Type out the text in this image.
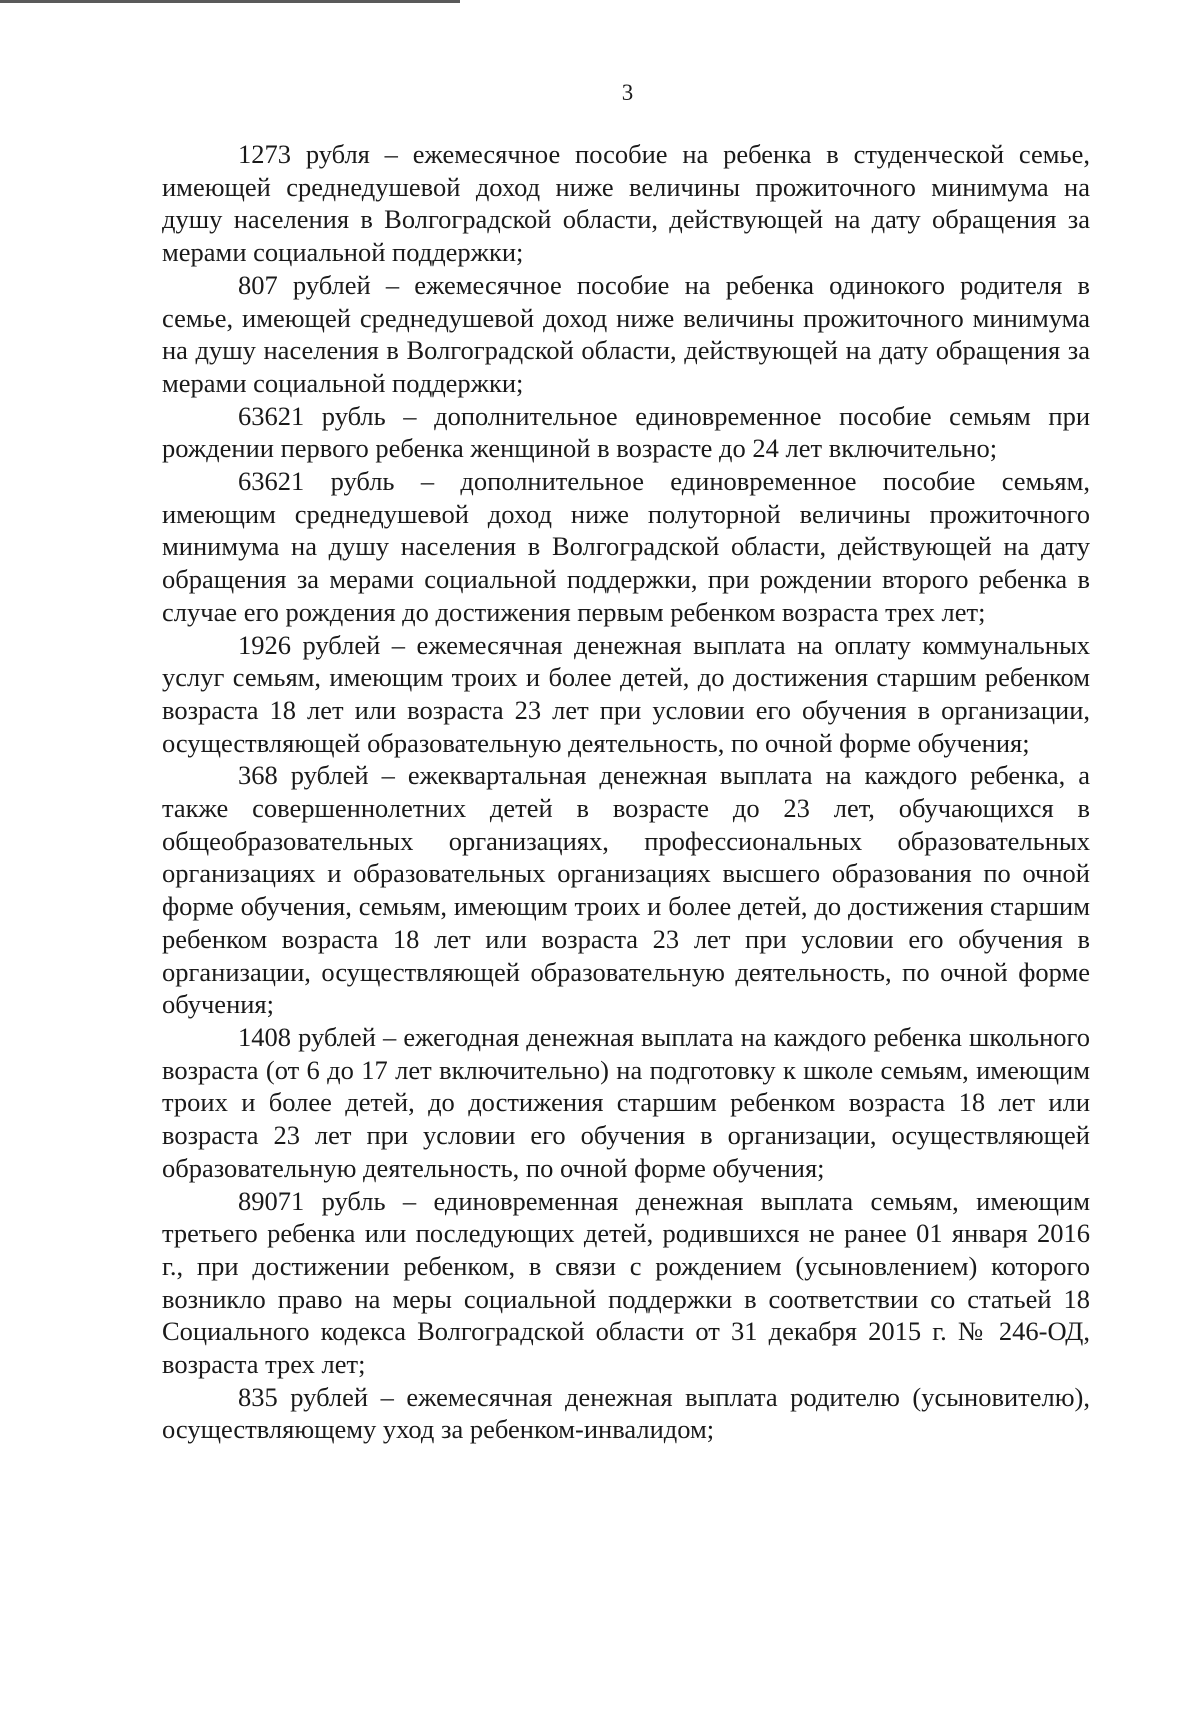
3

1273 рубля – ежемесячное пособие на ребенка в студенческой семье, имеющей среднедушевой доход ниже величины прожиточного минимума на душу населения в Волгоградской области, действующей на дату обращения за мерами социальной поддержки;

807 рублей – ежемесячное пособие на ребенка одинокого родителя в семье, имеющей среднедушевой доход ниже величины прожиточного минимума на душу населения в Волгоградской области, действующей на дату обращения за мерами социальной поддержки;

63621 рубль – дополнительное единовременное пособие семьям при рождении первого ребенка женщиной в возрасте до 24 лет включительно;

63621 рубль – дополнительное единовременное пособие семьям, имеющим среднедушевой доход ниже полуторной величины прожиточного минимума на душу населения в Волгоградской области, действующей на дату обращения за мерами социальной поддержки, при рождении второго ребенка в случае его рождения до достижения первым ребенком возраста трех лет;

1926 рублей – ежемесячная денежная выплата на оплату коммунальных услуг семьям, имеющим троих и более детей, до достижения старшим ребенком возраста 18 лет или возраста 23 лет при условии его обучения в организации, осуществляющей образовательную деятельность, по очной форме обучения;

368 рублей – ежеквартальная денежная выплата на каждого ребенка, а также совершеннолетних детей в возрасте до 23 лет, обучающихся в общеобразовательных организациях, профессиональных образовательных организациях и образовательных организациях высшего образования по очной форме обучения, семьям, имеющим троих и более детей, до достижения старшим ребенком возраста 18 лет или возраста 23 лет при условии его обучения в организации, осуществляющей образовательную деятельность, по очной форме обучения;

1408 рублей – ежегодная денежная выплата на каждого ребенка школьного возраста (от 6 до 17 лет включительно) на подготовку к школе семьям, имеющим троих и более детей, до достижения старшим ребенком возраста 18 лет или возраста 23 лет при условии его обучения в организации, осуществляющей образовательную деятельность, по очной форме обучения;

89071 рубль – единовременная денежная выплата семьям, имеющим третьего ребенка или последующих детей, родившихся не ранее 01 января 2016 г., при достижении ребенком, в связи с рождением (усыновлением) которого возникло право на меры социальной поддержки в соответствии со статьей 18 Социального кодекса Волгоградской области от 31 декабря 2015 г. № 246-ОД, возраста трех лет;

835 рублей – ежемесячная денежная выплата родителю (усыновителю), осуществляющему уход за ребенком-инвалидом;
